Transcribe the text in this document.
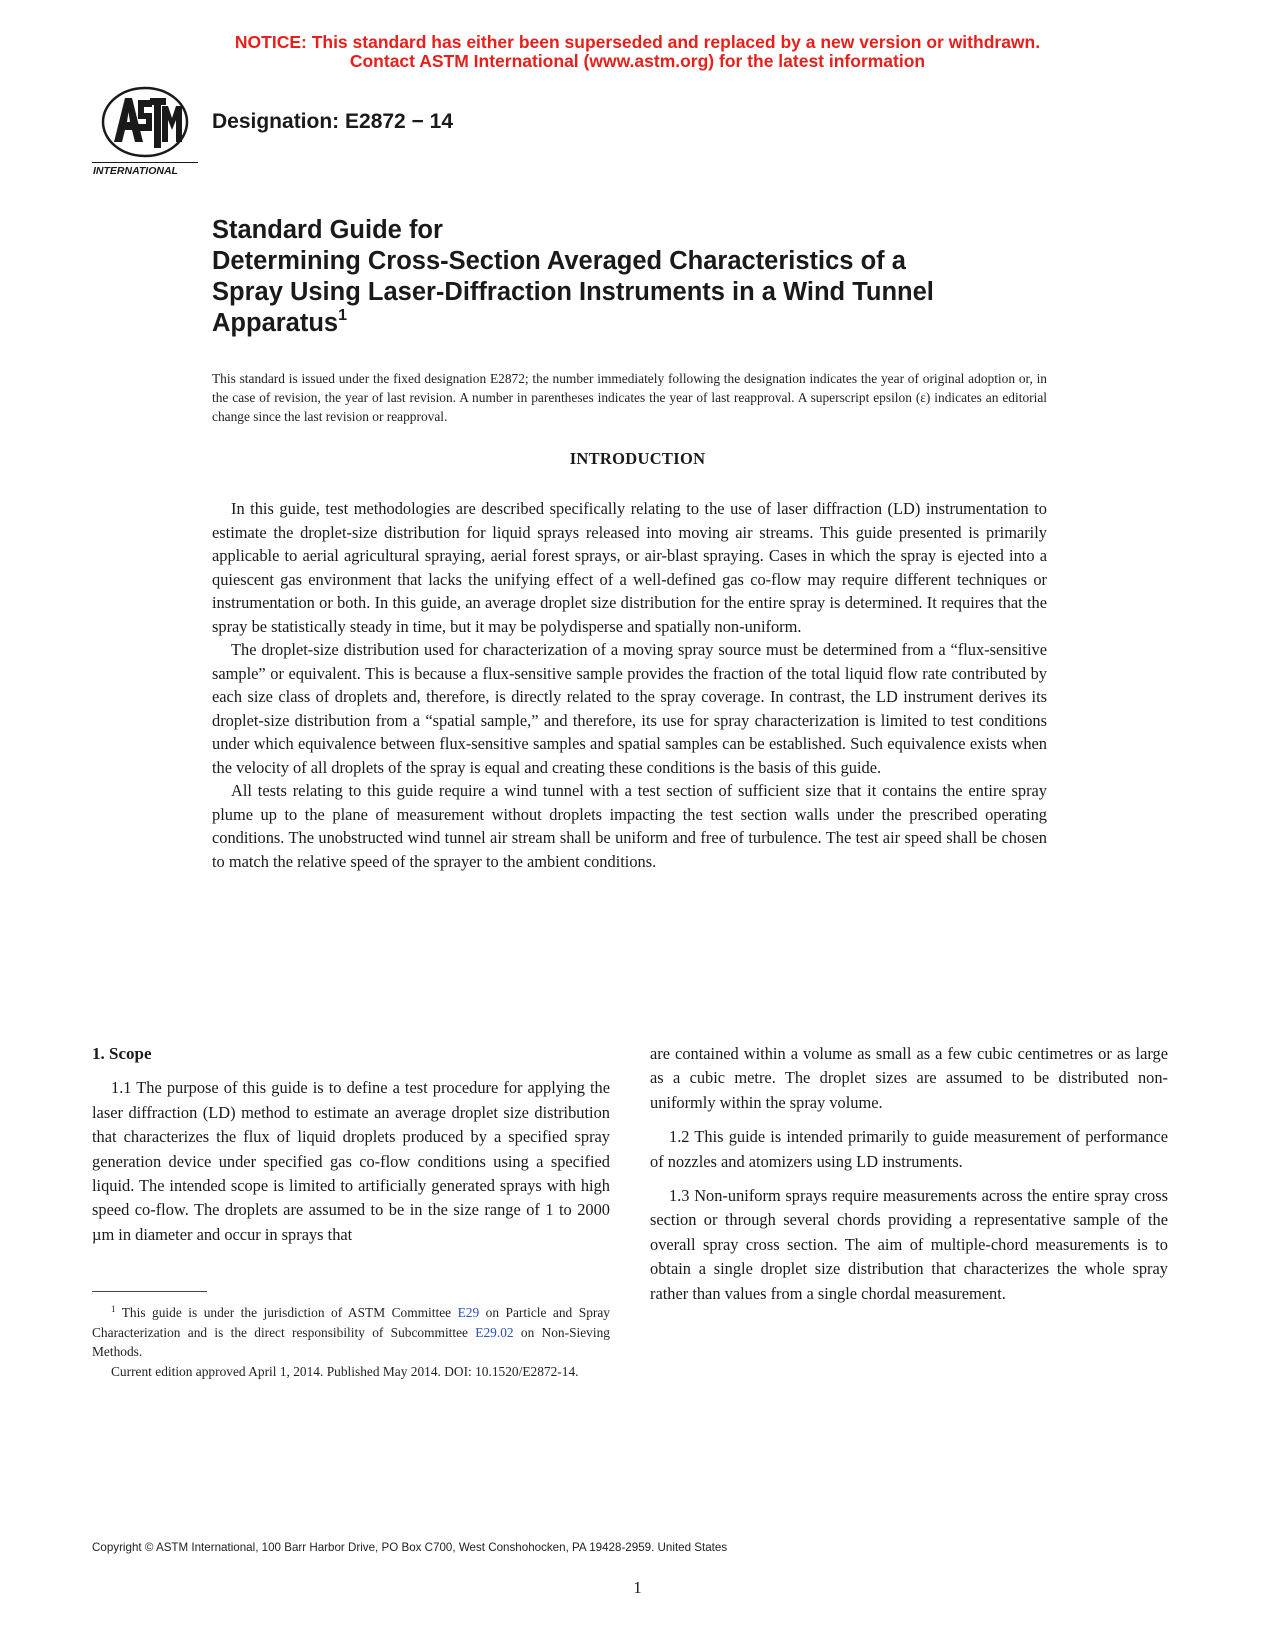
NOTICE: This standard has either been superseded and replaced by a new version or withdrawn.
Contact ASTM International (www.astm.org) for the latest information
INTERNATIONAL
Designation: E2872 − 14
Standard Guide for
Determining Cross-Section Averaged Characteristics of a
Spray Using Laser-Diffraction Instruments in a Wind Tunnel
Apparatus$^1$
This standard is issued under the fixed designation E2872; the number immediately following the designation indicates the year of original adoption or, in the case of revision, the year of last revision. A number in parentheses indicates the year of last reapproval. A superscript epsilon (ε) indicates an editorial change since the last revision or reapproval.
INTRODUCTION

In this guide, test methodologies are described specifically relating to the use of laser diffraction (LD) instrumentation to estimate the droplet-size distribution for liquid sprays released into moving air streams. This guide presented is primarily applicable to aerial agricultural spraying, aerial forest sprays, or air-blast spraying. Cases in which the spray is ejected into a quiescent gas environment that lacks the unifying effect of a well-defined gas co-flow may require different techniques or instrumentation or both. In this guide, an average droplet size distribution for the entire spray is determined. It requires that the spray be statistically steady in time, but it may be polydisperse and spatially non-uniform.

The droplet-size distribution used for characterization of a moving spray source must be determined from a “flux-sensitive sample” or equivalent. This is because a flux-sensitive sample provides the fraction of the total liquid flow rate contributed by each size class of droplets and, therefore, is directly related to the spray coverage. In contrast, the LD instrument derives its droplet-size distribution from a “spatial sample,” and therefore, its use for spray characterization is limited to test conditions under which equivalence between flux-sensitive samples and spatial samples can be established. Such equivalence exists when the velocity of all droplets of the spray is equal and creating these conditions is the basis of this guide.

All tests relating to this guide require a wind tunnel with a test section of sufficient size that it contains the entire spray plume up to the plane of measurement without droplets impacting the test section walls under the prescribed operating conditions. The unobstructed wind tunnel air stream shall be uniform and free of turbulence. The test air speed shall be chosen to match the relative speed of the sprayer to the ambient conditions.

1. Scope

1.1 The purpose of this guide is to define a test procedure for applying the laser diffraction (LD) method to estimate an average droplet size distribution that characterizes the flux of liquid droplets produced by a specified spray generation device under specified gas co-flow conditions using a specified liquid. The intended scope is limited to artificially generated sprays with high speed co-flow. The droplets are assumed to be in the size range of 1 to 2000 µm in diameter and occur in sprays that

$^1$ This guide is under the jurisdiction of ASTM Committee E29 on Particle and Spray Characterization and is the direct responsibility of Subcommittee E29.02 on Non-Sieving Methods.

Current edition approved April 1, 2014. Published May 2014. DOI: 10.1520/E2872-14.

are contained within a volume as small as a few cubic centimetres or as large as a cubic metre. The droplet sizes are assumed to be distributed non-uniformly within the spray volume.

1.2 This guide is intended primarily to guide measurement of performance of nozzles and atomizers using LD instruments.

1.3 Non-uniform sprays require measurements across the entire spray cross section or through several chords providing a representative sample of the overall spray cross section. The aim of multiple-chord measurements is to obtain a single droplet size distribution that characterizes the whole spray rather than values from a single chordal measurement.

Copyright © ASTM International, 100 Barr Harbor Drive, PO Box C700, West Conshohocken, PA 19428-2959. United States
1
